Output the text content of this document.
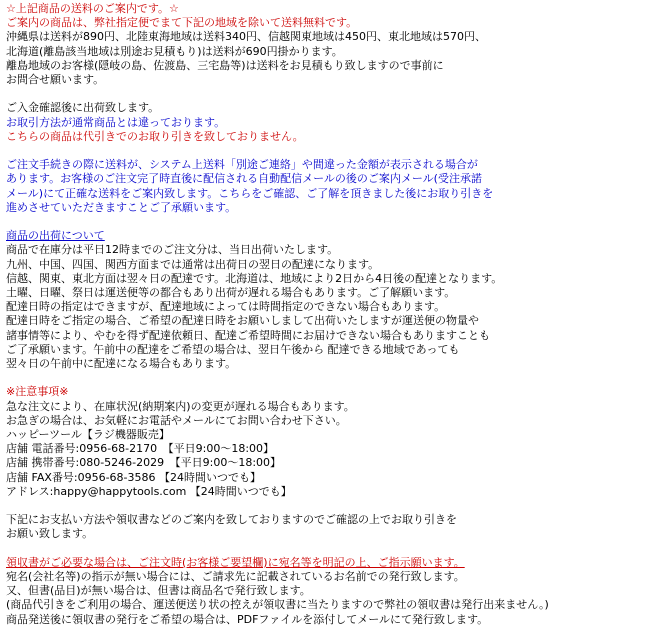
☆上記商品の送料のご案内です。☆
ご案内の商品は、弊社指定便でまて下記の地域を除いて送料無料です。
沖縄県は送料が890円、北陸東海地域は送料340円、信越関東地域は450円、東北地域は570円、
北海道(離島該当地域は別途お見積もり)は送料が690円掛かります。
離島地域のお客様(隠岐の島、佐渡島、三宅島等)は送料をお見積もり致しますので事前に
お問合せ願います。
ご入金確認後に出荷致します。
お取引方法が通常商品とは違っております。
こちらの商品は代引きでのお取り引きを致しておりません。
ご注文手続きの際に送料が、システム上送料「別途ご連絡」や間違った金額が表示される場合が
あります。お客様のご注文完了時直後に配信される自動配信メールの後のご案内メール(受注承諾
メール)にて正確な送料をご案内致します。こちらをご確認、ご了解を頂きました後にお取り引きを
進めさせていただきますことご了承願います。
商品の出荷について
商品で在庫分は平日12時までのご注文分は、当日出荷いたします。
九州、中国、四国、関西方面までは通常は出荷日の翌日の配達になります。
信越、関東、東北方面は翌々日の配達です。北海道は、地域により2日から4日後の配達となります。
土曜、日曜、祭日は運送便等の都合もあり出荷が遅れる場合もあります。ご了解願います。
配達日時の指定はできますが、配達地域によっては時間指定のできない場合もあります。
配達日時をご指定の場合、ご希望の配達日時をお願いしまして出荷いたしますが運送便の物量や
諸事情等により、やむを得ず配達依頼日、配達ご希望時間にお届けできない場合もありますことも
ご了承願います。午前中の配達をご希望の場合は、翌日午後から 配達できる地域であっても
翌々日の午前中に配達になる場合もあります。
※注意事項※
急な注文により、在庫状況(納期案内)の変更が遅れる場合もあります。
お急ぎの場合は、お気軽にお電話やメールにてお問い合わせ下さい。
ハッピーツール【ラジ機器販売】
店舗 電話番号:0956-68-2170　【平日9:00～18:00】
店舗 携帯番号:080-5246-2029　【平日9:00～18:00】
店舗 FAX番号:0956-68-3586 【24時間いつでも】
アドレス:happy@happytools.com 【24時間いつでも】
下記にお支払い方法や領収書などのご案内を致しておりますのでご確認の上でお取り引きを
お願い致します。
領収書がご必要な場合は、ご注文時(お客様ご要望欄)に宛名等を明記の上、ご指示願います。
宛名(会社名等)の指示が無い場合には、ご請求先に記載されているお名前での発行致します。
又、但書(品目)が無い場合は、但書は商品名で発行致します。
(商品代引きをご利用の場合、運送便送り状の控えが領収書に当たりますので弊社の領収書は発行出来ません。)
商品発送後に領収書の発行をご希望の場合は、PDFファイルを添付してメールにて発行致します。
